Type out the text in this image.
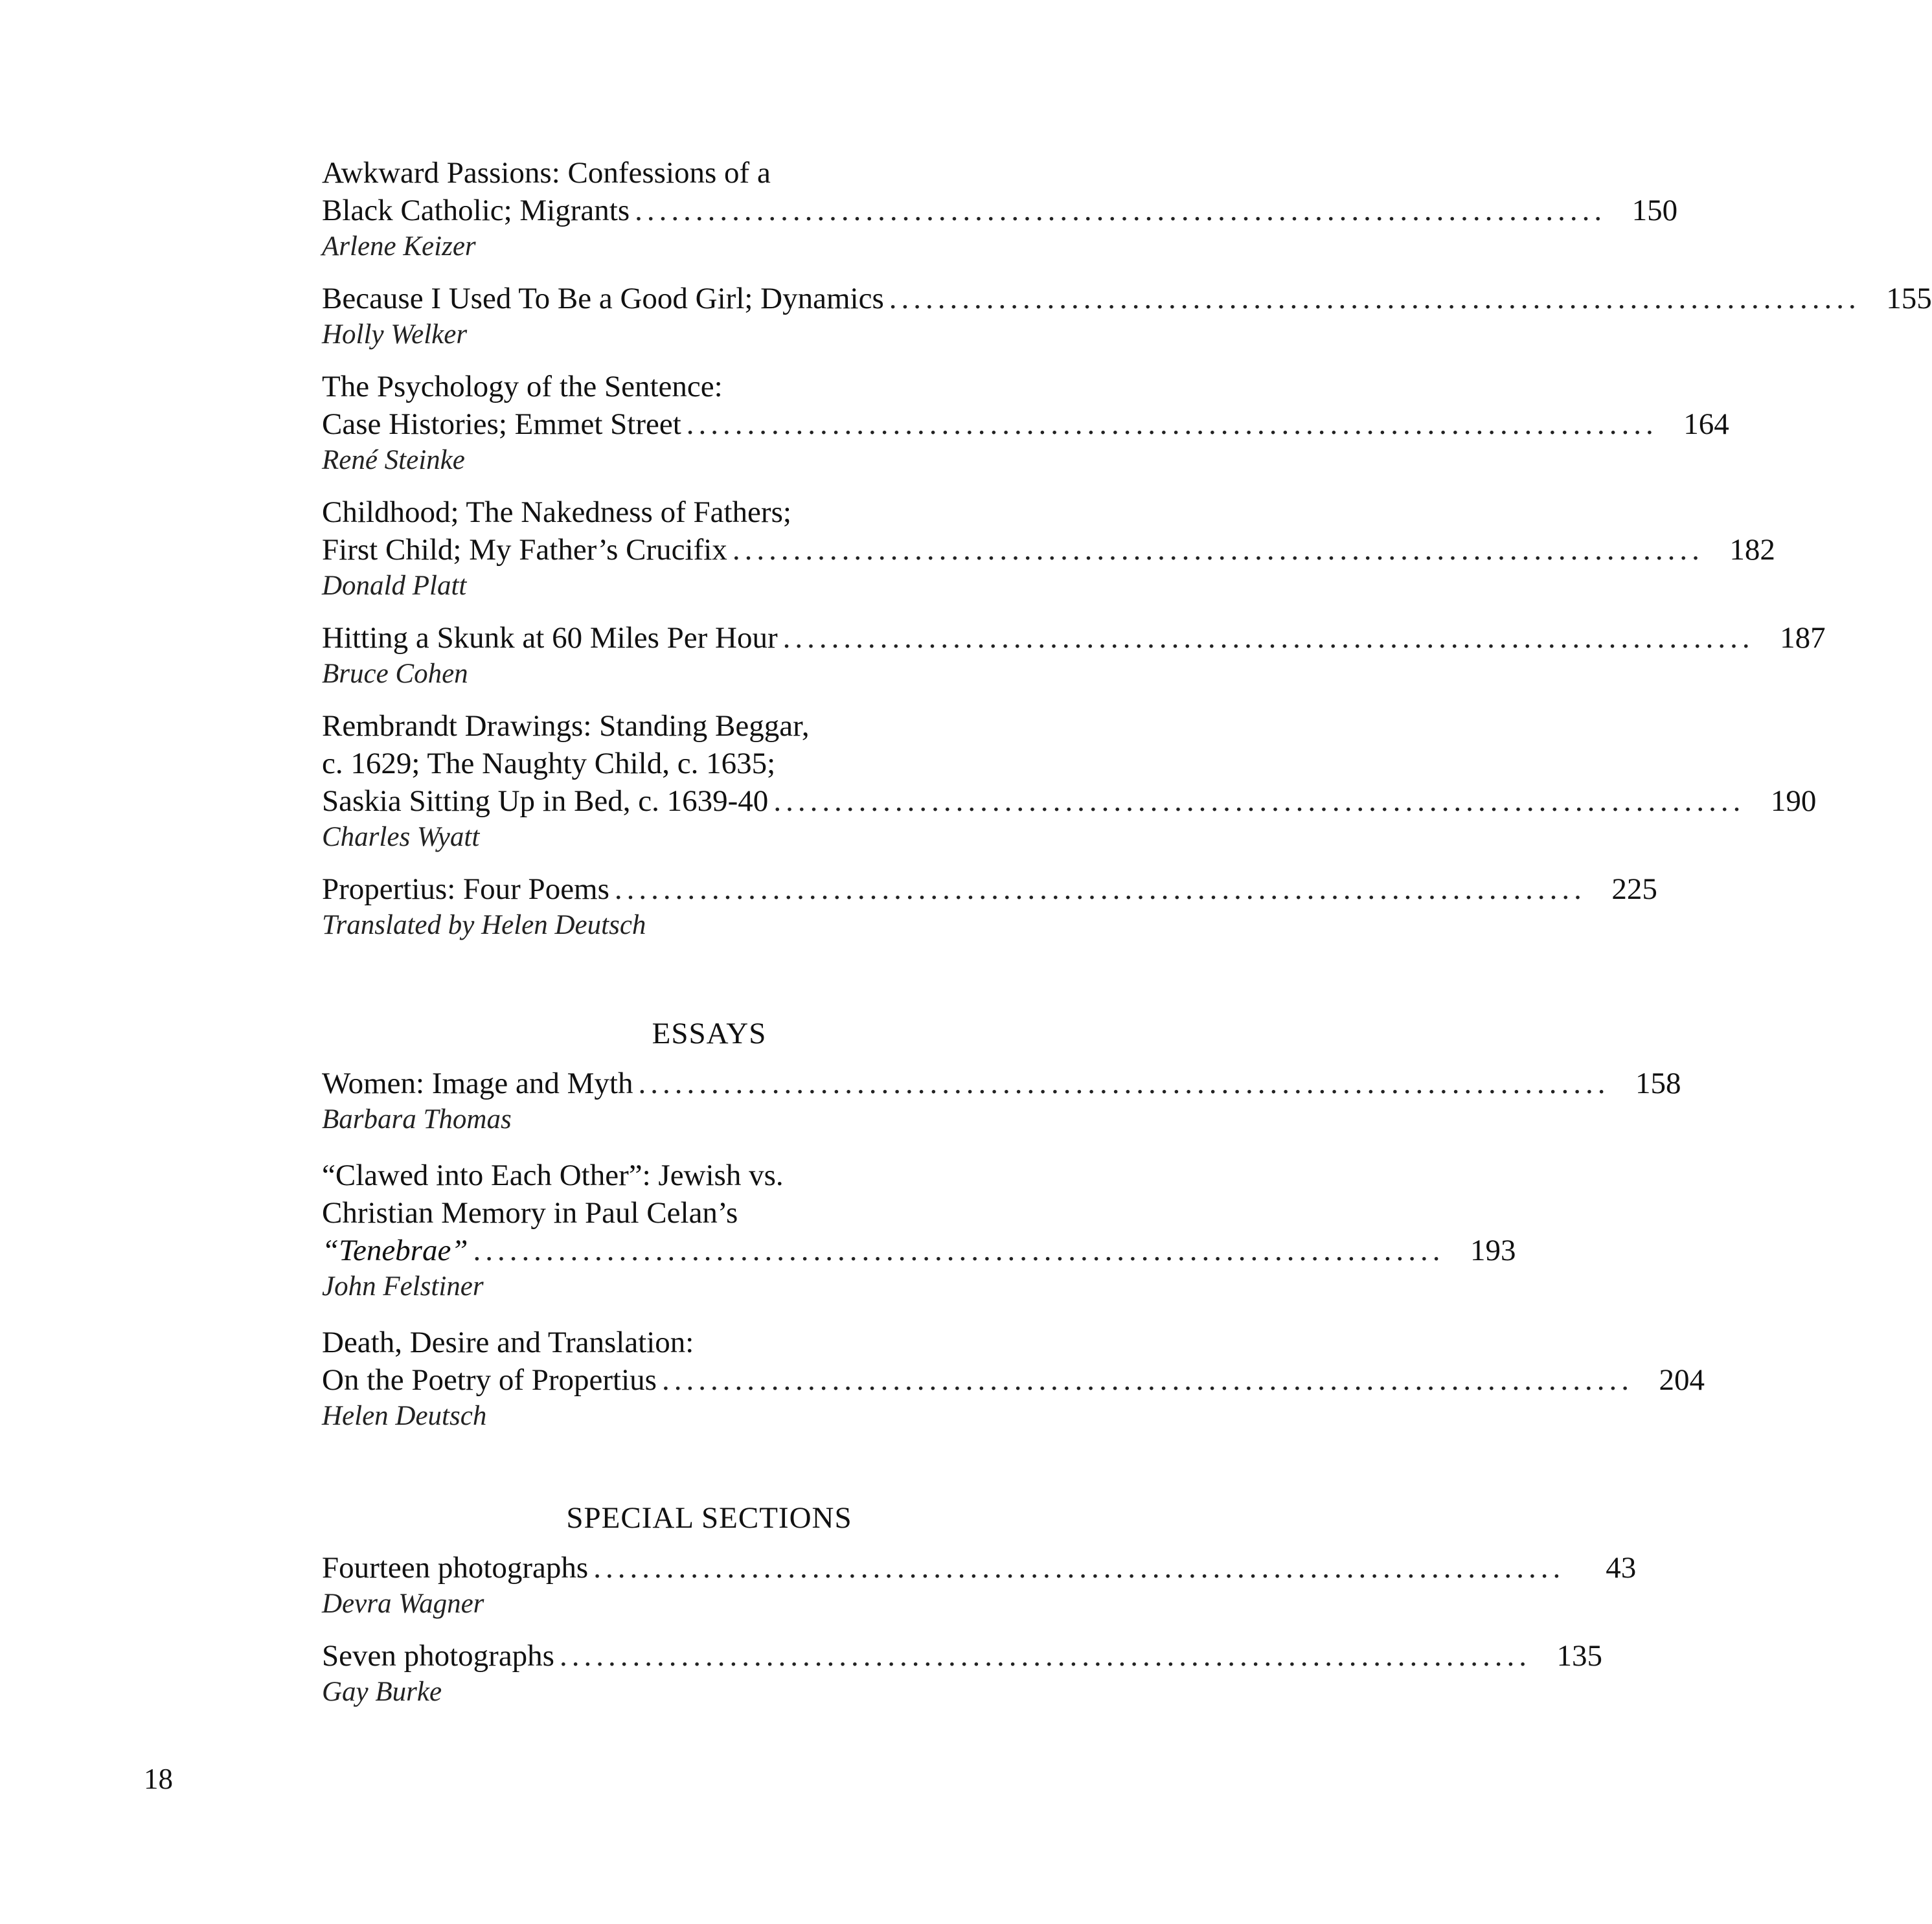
Awkward Passions: Confessions of a
Black Catholic; Migrants ................................................................................ 150
Arlene Keizer
Because I Used To Be a Good Girl; Dynamics ................................................................................ 155
Holly Welker
The Psychology of the Sentence:
Case Histories; Emmet Street ................................................................................ 164
René Steinke
Childhood; The Nakedness of Fathers;
First Child; My Father’s Crucifix ................................................................................ 182
Donald Platt
Hitting a Skunk at 60 Miles Per Hour ................................................................................ 187
Bruce Cohen
Rembrandt Drawings: Standing Beggar,
c. 1629; The Naughty Child, c. 1635;
Saskia Sitting Up in Bed, c. 1639-40 ................................................................................ 190
Charles Wyatt
Propertius: Four Poems ................................................................................ 225
Translated by Helen Deutsch
ESSAYS
Women: Image and Myth ................................................................................ 158
Barbara Thomas
“Clawed into Each Other”: Jewish vs.
Christian Memory in Paul Celan’s
“Tenebrae” ................................................................................ 193
John Felstiner
Death, Desire and Translation:
On the Poetry of Propertius ................................................................................ 204
Helen Deutsch
SPECIAL SECTIONS
Fourteen photographs ................................................................................	43
Devra Wagner
Seven photographs ................................................................................ 135
Gay Burke
18
